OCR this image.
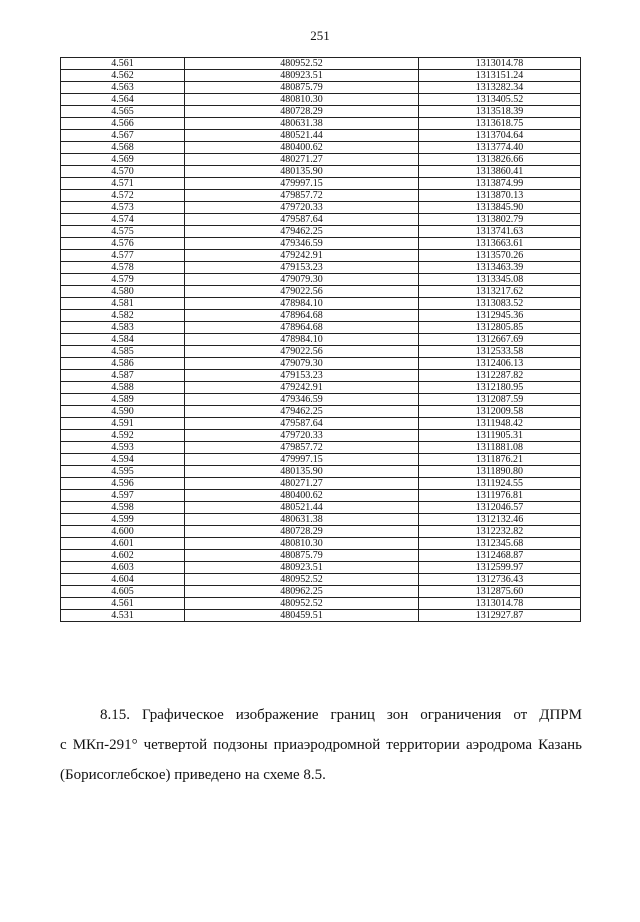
251
4.561	480952.52	1313014.78
4.562	480923.51	1313151.24
4.563	480875.79	1313282.34
4.564	480810.30	1313405.52
4.565	480728.29	1313518.39
4.566	480631.38	1313618.75
4.567	480521.44	1313704.64
4.568	480400.62	1313774.40
4.569	480271.27	1313826.66
4.570	480135.90	1313860.41
4.571	479997.15	1313874.99
4.572	479857.72	1313870.13
4.573	479720.33	1313845.90
4.574	479587.64	1313802.79
4.575	479462.25	1313741.63
4.576	479346.59	1313663.61
4.577	479242.91	1313570.26
4.578	479153.23	1313463.39
4.579	479079.30	1313345.08
4.580	479022.56	1313217.62
4.581	478984.10	1313083.52
4.582	478964.68	1312945.36
4.583	478964.68	1312805.85
4.584	478984.10	1312667.69
4.585	479022.56	1312533.58
4.586	479079.30	1312406.13
4.587	479153.23	1312287.82
4.588	479242.91	1312180.95
4.589	479346.59	1312087.59
4.590	479462.25	1312009.58
4.591	479587.64	1311948.42
4.592	479720.33	1311905.31
4.593	479857.72	1311881.08
4.594	479997.15	1311876.21
4.595	480135.90	1311890.80
4.596	480271.27	1311924.55
4.597	480400.62	1311976.81
4.598	480521.44	1312046.57
4.599	480631.38	1312132.46
4.600	480728.29	1312232.82
4.601	480810.30	1312345.68
4.602	480875.79	1312468.87
4.603	480923.51	1312599.97
4.604	480952.52	1312736.43
4.605	480962.25	1312875.60
4.561	480952.52	1313014.78
4.531	480459.51	1312927.87
8.15. Графическое изображение границ зон ограничения от ДПРМ
с МКп-291° четвертой подзоны приаэродромной территории аэродрома Казань
(Борисоглебское) приведено на схеме 8.5.
